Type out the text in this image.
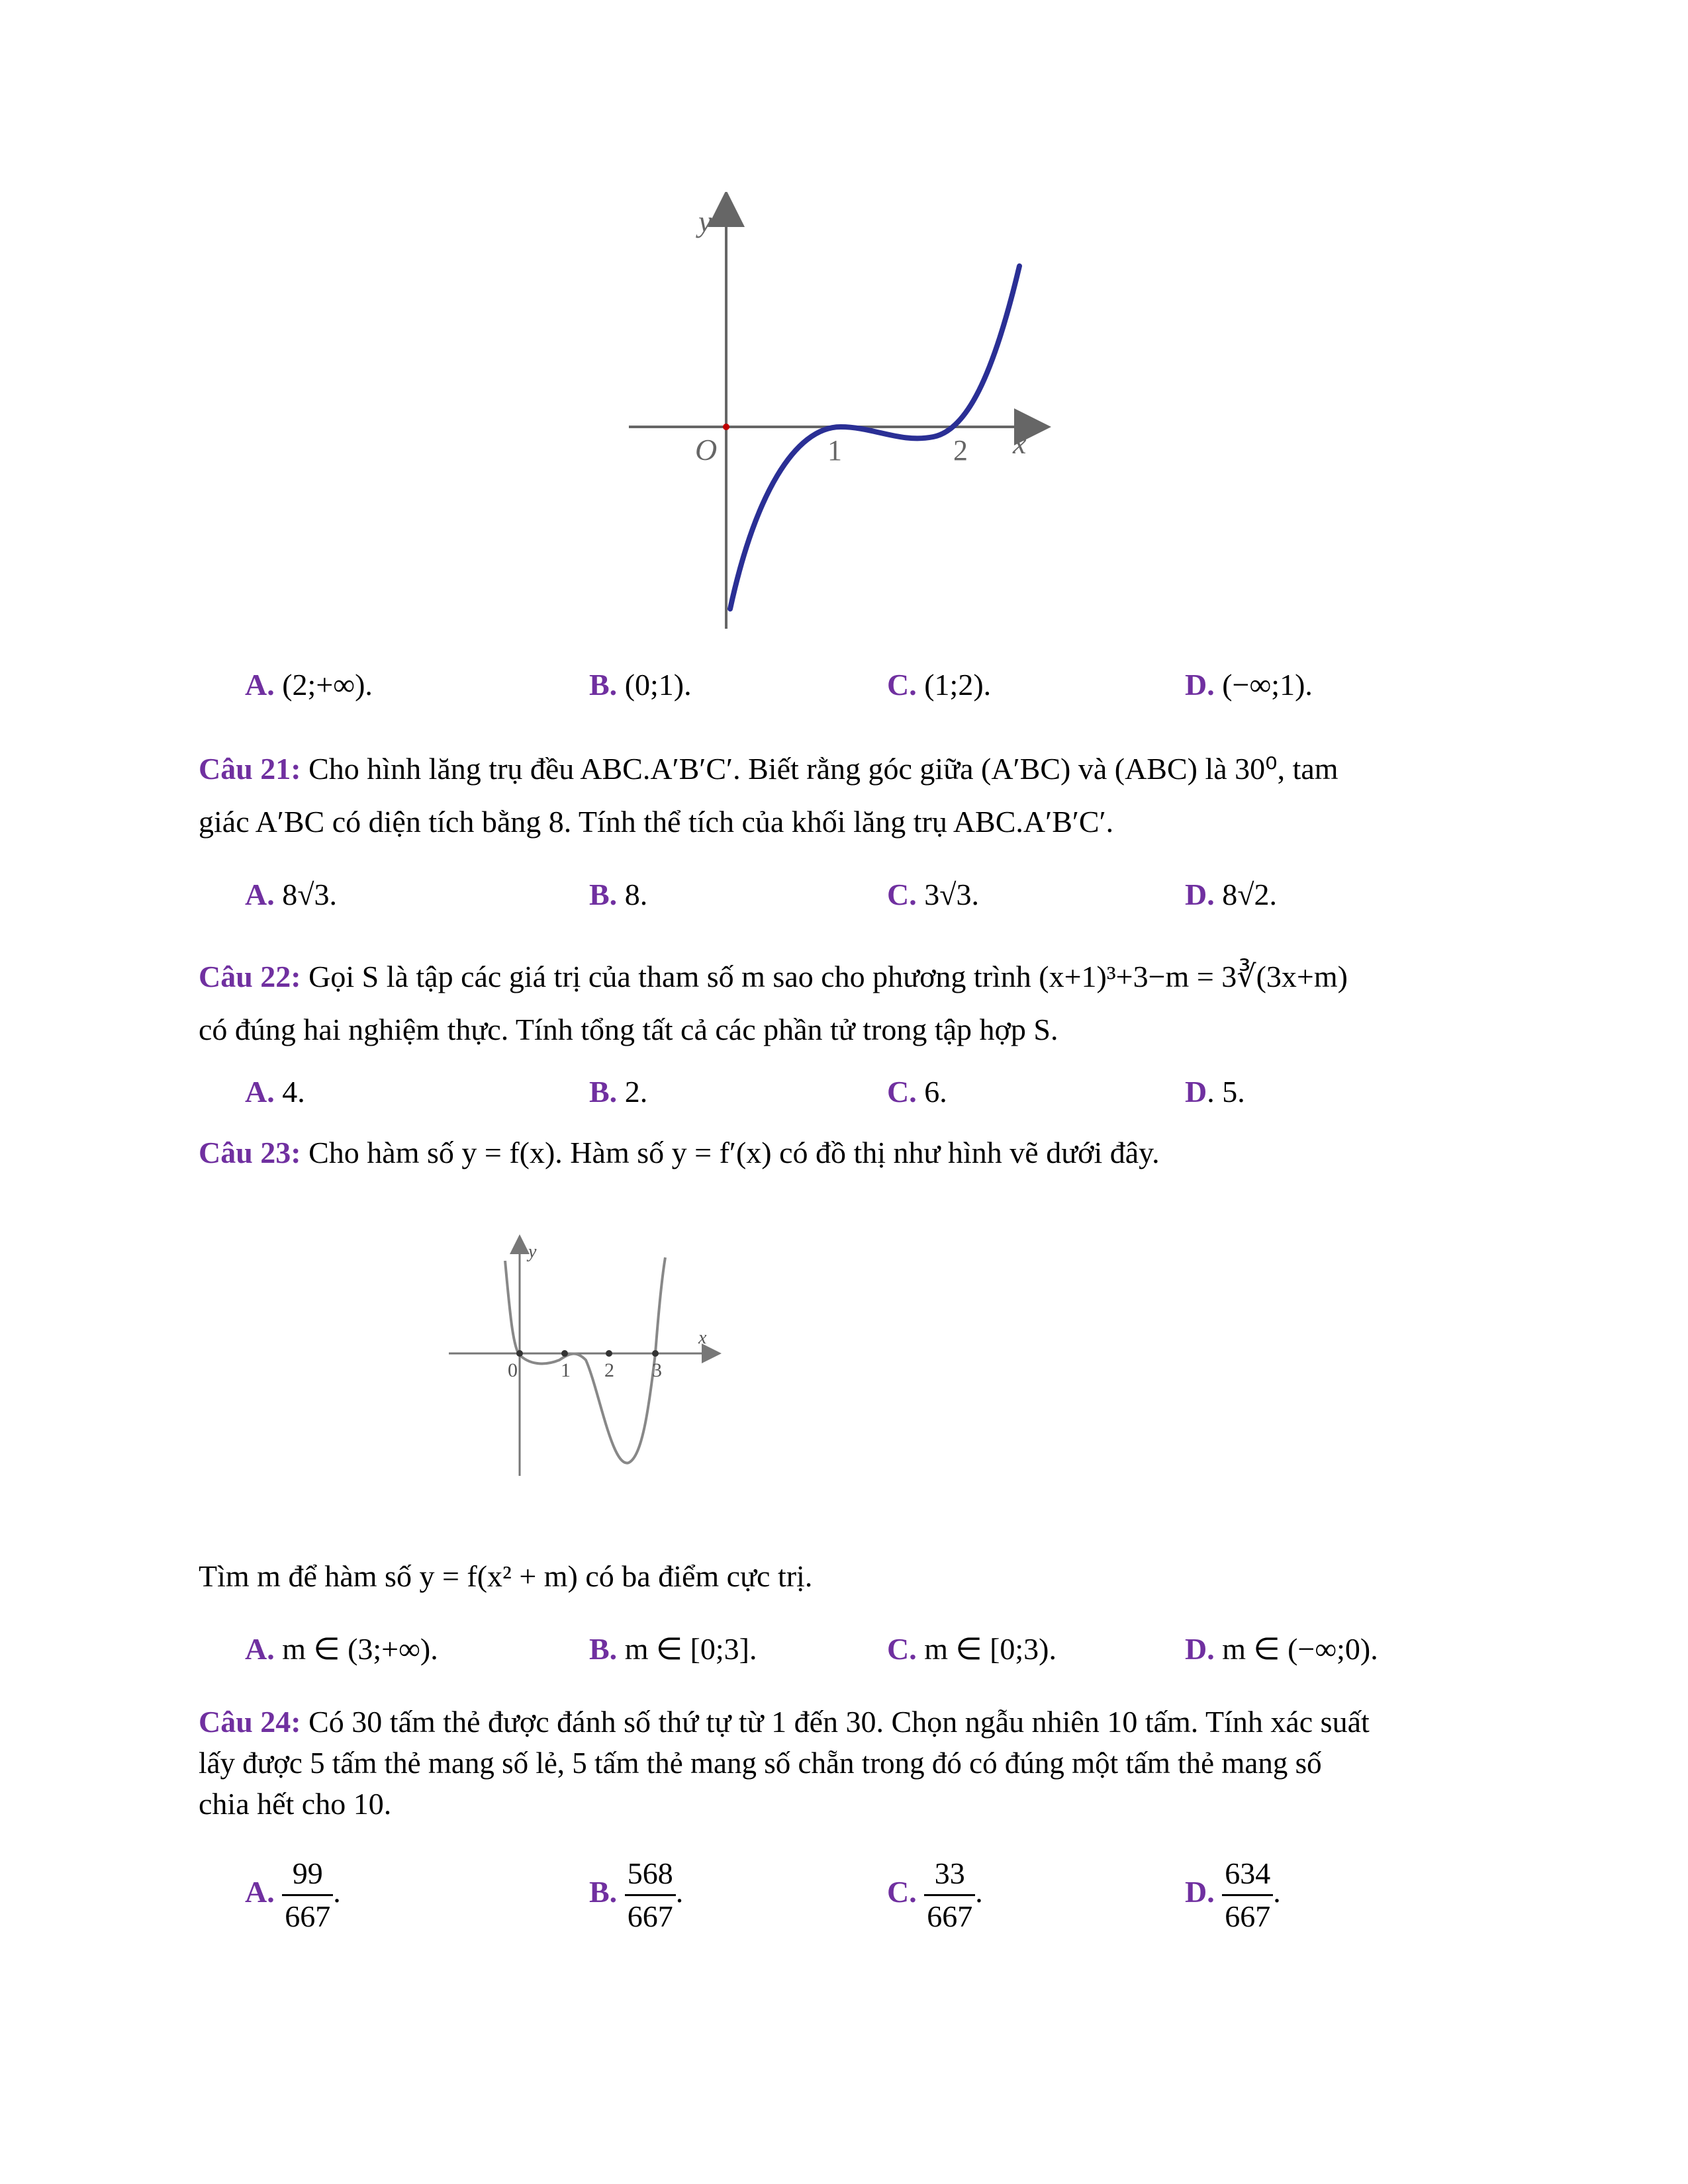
y
x
O	1	2
A. (2;+∞).	B. (0;1).	C. (1;2).	D. (−∞;1).
Câu 21: Cho hình lăng trụ đều ABC.A′B′C′. Biết rằng góc giữa (A′BC) và (ABC) là 30⁰, tam
giác A′BC có diện tích bằng 8. Tính thể tích của khối lăng trụ ABC.A′B′C′.
A. 8√3.	B. 8.	C. 3√3.	D. 8√2.
Câu 22: Gọi S là tập các giá trị của tham số m sao cho phương trình (x+1)³+3−m = 3∛(3x+m)
có đúng hai nghiệm thực. Tính tổng tất cả các phần tử trong tập hợp S.
A. 4.	B. 2.	C. 6.	D. 5.
Câu 23: Cho hàm số y = f(x). Hàm số y = f′(x) có đồ thị như hình vẽ dưới đây.
y
x
0 1 2 3
Tìm m để hàm số y = f(x² + m) có ba điểm cực trị.
A. m ∈ (3;+∞).	B. m ∈ [0;3].	C. m ∈ [0;3).	D. m ∈ (−∞;0).
Câu 24: Có 30 tấm thẻ được đánh số thứ tự từ 1 đến 30. Chọn ngẫu nhiên 10 tấm. Tính xác suất
lấy được 5 tấm thẻ mang số lẻ, 5 tấm thẻ mang số chẵn trong đó có đúng một tấm thẻ mang số
chia hết cho 10.
A. $\frac{99}{667}$ .	B. $\frac{568}{667}$ .	C. $\frac{33}{667}$ .	D. $\frac{634}{667}$ .
